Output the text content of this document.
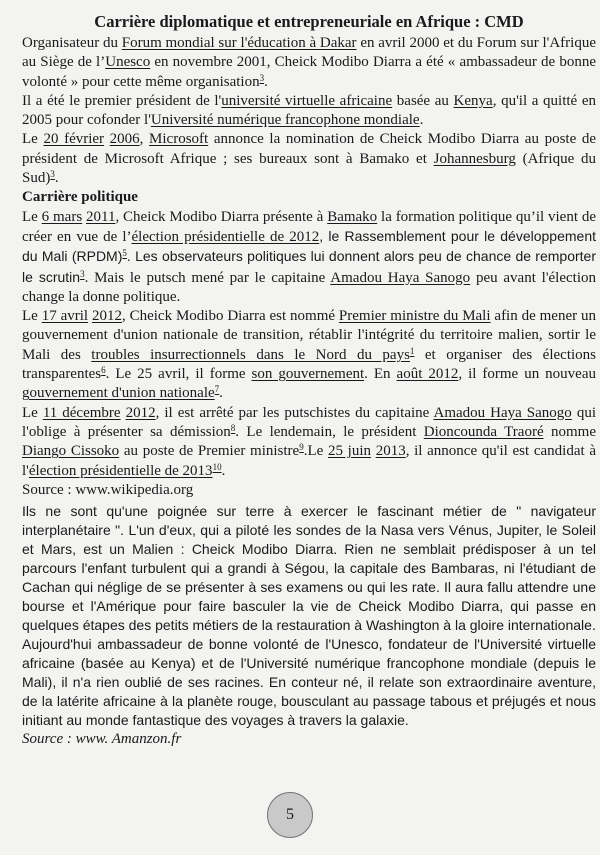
Carrière diplomatique et entrepreneuriale en Afrique : CMD

Organisateur du Forum mondial sur l'éducation à Dakar en avril 2000 et du Forum sur l'Afrique au Siège de l’Unesco en novembre 2001, Cheick Modibo Diarra a été « ambassadeur de bonne volonté » pour cette même organisation$^3$.

Il a été le premier président de l'université virtuelle africaine basée au Kenya, qu'il a quitté en 2005 pour cofonder l'Université numérique francophone mondiale.

Le 20 février 2006, Microsoft annonce la nomination de Cheick Modibo Diarra au poste de président de Microsoft Afrique ; ses bureaux sont à Bamako et Johannesburg (Afrique du Sud)$^3$.

Carrière politique

Le 6 mars 2011, Cheick Modibo Diarra présente à Bamako la formation politique qu’il vient de créer en vue de l’élection présidentielle de 2012, le Rassemblement pour le développement du Mali (RPDM)$^5$. Les observateurs politiques lui donnent alors peu de chance de remporter le scrutin$^3$. Mais le putsch mené par le capitaine Amadou Haya Sanogo peu avant l'élection change la donne politique.

Le 17 avril 2012, Cheick Modibo Diarra est nommé Premier ministre du Mali afin de mener un gouvernement d'union nationale de transition, rétablir l'intégrité du territoire malien, sortir le Mali des troubles insurrectionnels dans le Nord du pays$^1$ et organiser des élections transparentes$^6$. Le 25 avril, il forme son gouvernement. En août 2012, il forme un nouveau gouvernement d'union nationale$^7$.

Le 11 décembre 2012, il est arrêté par les putschistes du capitaine Amadou Haya Sanogo qui l'oblige à présenter sa démission$^8$. Le lendemain, le président Dioncounda Traoré nomme Diango Cissoko au poste de Premier ministre$^9$.Le 25 juin 2013, il annonce qu'il est candidat à l'élection présidentielle de 2013$^{10}$.

Source : www.wikipedia.org

Ils ne sont qu'une poignée sur terre à exercer le fascinant métier de " navigateur interplanétaire ". L'un d'eux, qui a piloté les sondes de la Nasa vers Vénus, Jupiter, le Soleil et Mars, est un Malien : Cheick Modibo Diarra. Rien ne semblait prédisposer à un tel parcours l'enfant turbulent qui a grandi à Ségou, la capitale des Bambaras, ni l'étudiant de Cachan qui néglige de se présenter à ses examens ou qui les rate. Il aura fallu attendre une bourse et l'Amérique pour faire basculer la vie de Cheick Modibo Diarra, qui passe en quelques étapes des petits métiers de la restauration à Washington à la gloire internationale.

Aujourd'hui ambassadeur de bonne volonté de l'Unesco, fondateur de l'Université virtuelle africaine (basée au Kenya) et de l'Université numérique francophone mondiale (depuis le Mali), il n'a rien oublié de ses racines. En conteur né, il relate son extraordinaire aventure, de la latérite africaine à la planète rouge, bousculant au passage tabous et préjugés et nous initiant au monde fantastique des voyages à travers la galaxie.

Source : www. Amanzon.fr
5
